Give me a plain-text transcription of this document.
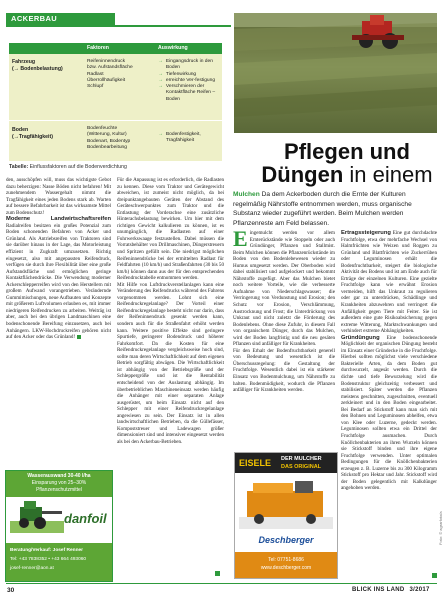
ACKERBAU
Faktoren	Auswirkung
Fahrzeug
(→ Bodenbelastung)
Reifeninnendruck
bzw. Aufstandsfläche
Radlast
Überrollhäufigkeit
Schlupf
→ Eingangsdruck in den Boden
→ Tiefenwirkung
→ erreichte Ver-festigung
→ Verschmieren der Kontaktfläche Reifen – Boden
Boden
(→Tragfähigkeit)
Bodenfeuchte
(Witterung, Kultur)
Bodenart, Bodentyp
Bodenbearbeitung
→ Bodenfestigkeit,
Tragfähigkeit
Tabelle: Einflussfaktoren auf die Bodenverdichtung
Pflegen und
Düngen in einem
Mulchen Da dem Ackerboden durch die Ernte der Kulturen regelmäßig Nährstoffe entnommen werden, muss organische Substanz wieder zugeführt werden. Beim Mulchen werden Pflanzenreste am Feld belassen.

den, ausschöpfen will, muss das wichtigste Gebot dazu beherzigen: Nasse Böden nicht befahren! Mit zunehmendem Wassergehalt nimmt die Tragfähigkeit eines jeden Bodens stark ab. Warten auf bessere Befahrbarkeit ist das wirksamste Mittel zum Bodenschutz!

Moderne Landwirtschaftsreifen Radialreifen besitzen ein großes Potenzial zum Boden schonenden Befahren von Acker und Grünland. Als Antriebsreifen von Traktoren sind sie darüber hinaus in der Lage, das Motorleistung effizient in Zugkraft umzusetzen. Richtig eingesetzt, also mit angepassten Reifendruck, verfügen sie durch ihre Flexibilität über eine große Aufstandsfläche und ermöglichen geringe Kontaktflächendrücke. Die Verwendung moderner Ackerschlepperreifen wird von den Herstellern mit großem Aufwand vorangetrieben. Verändernde Gummimischungen, neue Aufbauten und Konzepte mit größerem Luftvolumen erlauben es, mit immer niedrigeren Reifendrucken zu arbeiten. Weiträg ist aber, auch bei den übrigen Landmaschinen eine bodenschonende Bereifung einzusetzen, auch bei Anhängern. LKW-Hochdruckreifen gehören nicht auf den Acker oder das Grünland!

Wasserauswand 30-40 l/ha
Einsparung von 25–30%
Pflanzenschutzmittel
danfoil
Beratung/Verkauf: Josef Renner
Tel: +43 7838352 • +43 664 493060
josef-renner@aon.at

Für die Anpassung ist es erforderlich, die Radlasten zu kennen. Diese vom Traktor und Gerätegewicht abweichen, ist zumeist nicht möglich, da bei dreipunktangebauten Geräten der Abstand des Geräteschwerpunktes zum Traktor und die Entlastung der Vorderachse eine zusätzliche Hinterachsbelastung bewirken. Um hier mit dem richtigen Gewicht kalkulieren zu können, ist es unumgänglich, die Radlasten auf einer Fuhrwerkswaage festzustellen. Dabei müssen die Vorratsbehälter von Drillmaschinen, Düngerstreuern und Spritzen gefüllt sein. Die niedrigst möglichen Reifeninnendrücke bei der ermittelten Radlast für Feldfahrten (10 km/h) und Straßenfahrten (30 bis 50 km/h) können dann aus der für den entsprechenden Reifendrucktabelle entnommen werden.

Mit Hilfe von Luftdruckverstellanlagen kann eine Veränderung des Reifendrucks während des Fahrens vorgenommen werden. Lohnt sich eine Reifendruckregelanlage? Der Vorteil einer Reifendruckregelanlage besteht nicht nur darin, dass der Reifeninnendruck gesenkt werden kann, sondern auch für die Straßenfahrt erhöht werden kann. Weitere positive Effekte sind geringere Spurtiefe, geringerer Bodendruck und höherer Fahrkomfort. Da die Kosten für eine Reifendruckregelanlage vergleichsweise hoch sind, sollte man deren Wirtschaftlichkeit auf dem eigenen Betrieb sorgfältig abwägen. Die Wirtschaftlichkeit ist abhängig von der Betriebsgröße und der Schleppergröße und ist die Rentabilität entscheidend von der Auslastung abhängig. Im überbetrieblichen Maschineneinsatz werden häufig die Anhänger mit einer separaten Anlage ausgerüstet, um beim Einsatz nicht auf den Schlepper mit einer Reifendruckregelanlage angewiesen zu sein. Der Einsatz ist in allen landwirtschaftlichen Betrieben, da die Güllefässer, Kompoststreuer und Ladewagen größer dimensioniert sind und intensiver eingesetzt werden als bei den Ackerbau-Betrieben.

Eingemulcht werden vor allem Ernterückstände wie Stoppeln oder auch Gründünger, Pflanzen und Stallmist. Beim Mulchen können die Pflanzenrückstände im Boden von den Bodenlebewesen wieder zu Humus umgesetzt werden. Der Oberboden wird dabei stabilisiert und aufgelockert und bekommt Nährstoffe zugefügt. Aber das Mulchen bietet noch weitere Vorteile, wie die verbesserte Aufnahme von Niederschlagswasser; die Verringerung von Verdunstung und Erosion; den Schutz vor Erosion, Verschlämmung, Austrocknung und Frost; die Unterdrückung von Unkraut und nicht zuletzt die Förderung des Bodenlebens. Ohne diese Zufuhr, in diesem Fall von organischem Dünger, durch das Mulchen, wird der Boden langfristig und die neu gesäten Pflanzen sind anfälliger für Krankheiten.

Für den Erhalt der Bodenfruchtbarkeit generell von Bedeutung und wesentlich ist die Überschussregelung: die Gestaltung der Fruchtfolge. Wesentlich dabei ist ein stärkerer Einsatz von Bodenmulchung, um Nährstoffe zu halten. Bodenmüdigkeit, wodurch die Pflanzen anfälliger für Krankheiten werden.

EISELE DER MULCHER
DAS ORIGINAL
Deschberger
Tel: 07751-8686
www.deschberger.com

Ertragssteigerung Eine gut durchdachte Fruchtfolge, etwa der mehrfache Wechsel von Halmfrüchten wie Weizen und Roggen zu Grünland und Blattfrüchten wie Zuckerrüben oder Leguminosen erhält die Bodenfruchtbarkeit, steigert die biologische Aktivität des Bodens und ist am Ende auch für Erträge der einzelnen Kulturen. Eine gezielte Fruchtfolge kann wie erwähnt Erosion vermeiden, hilft das Unkraut zu regulieren oder gar zu unterdrücken, Schädlinge und Krankheiten abzuwehren und verringert die Anfälligkeit gegen Tiere mit Feiter. Sie ist außerdem eine gute Risikoabsicherung gegen extreme Witterung, Marktschwankungen und verhindert extreme Abhängigkeiten.

Gründüngung Eine bodenschonende Möglichkeit der organischen Düngung besteht im Einsatz einer Gründecke in die Fruchtfolge. Hierbei sollten möglichst viele verschiedene Bakterielle Arten, da dem Boden gut durchwurzelt, angesät werden. Durch die dichte und tiefe Bewurzelung wird die Bodenstruktur gleichzeitig verbessert und stabilisiert. Später werden die Pflanzen meistens geschnitten, zugeschnitten, eventuell zerkleinert und in den Boden eingearbeitet. Bei Bedarf an Stickstoff kann man sich mit den Bohnen und Leguminosen abhelfen, etwa von Klee oder Luzerne, gedeckt werden. Leguminosen sollten etwa ein Drittel der Fruchtfolge ausmachen. Durch Knöllchenbakterien an ihren Wurzeln können sie Stickstoff binden und ihre eigene Fruchtfolge verwenden. Unter optimalen Bedingungen für die Knöllchenbakterien erzeugen z. B. Luzerne bis zu 300 Kilogramm Stickstoff pro Hektar und Jahr. Stickstoff wird der Boden gelegentlich mit Kalkdünger angehoben werden.

Foto: © agrarfoto/a
30	BLICK INS LAND 3/2017
